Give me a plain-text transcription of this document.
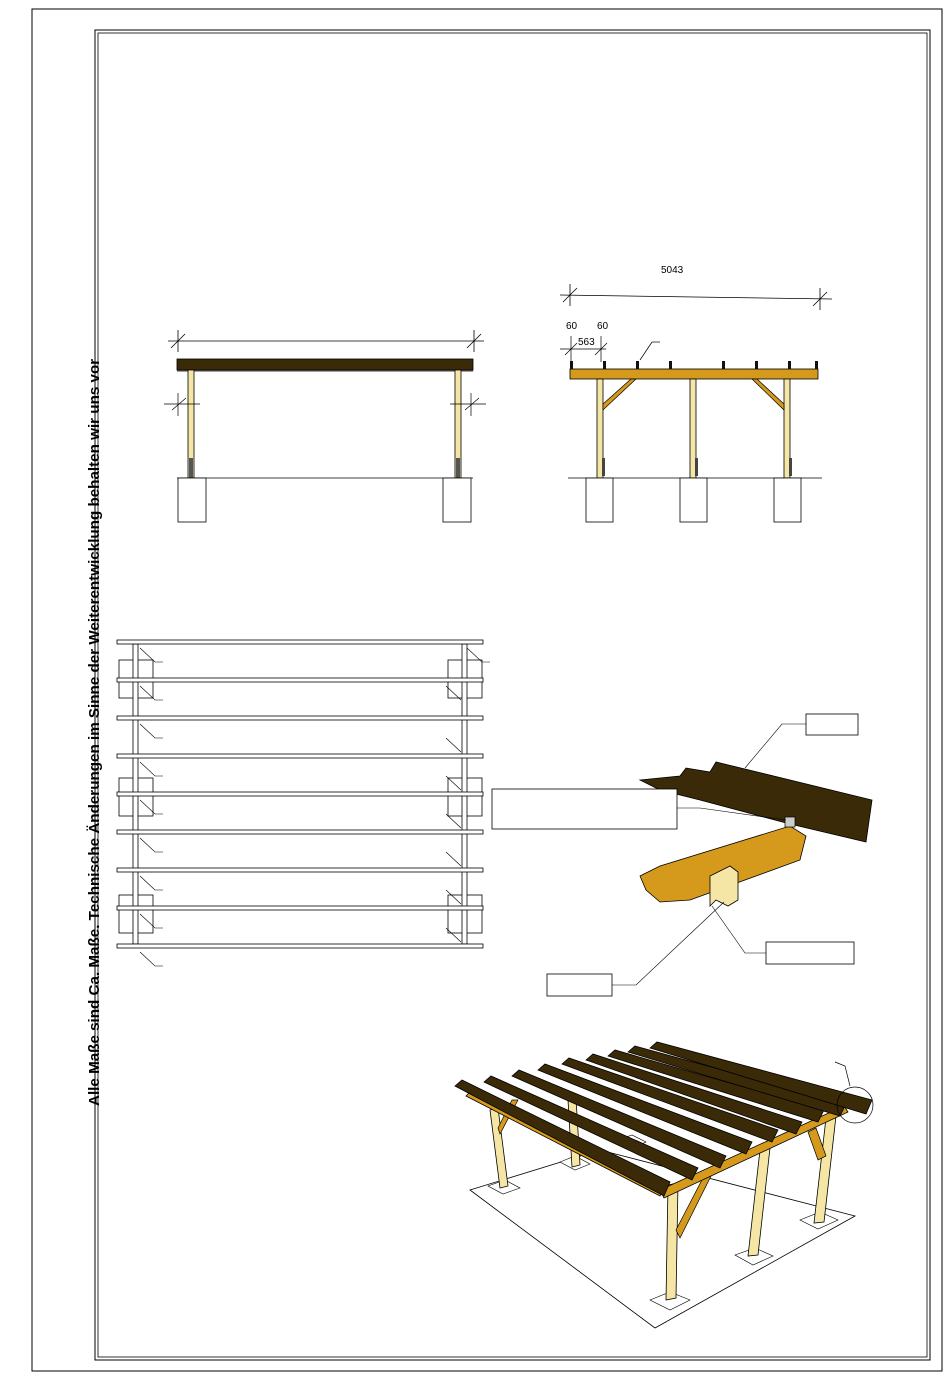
5043
60 60
563
Alle Maße sind Ca. Maße. Technische Änderungen im Sinne der Weiterentwicklung behalten wir uns vor
